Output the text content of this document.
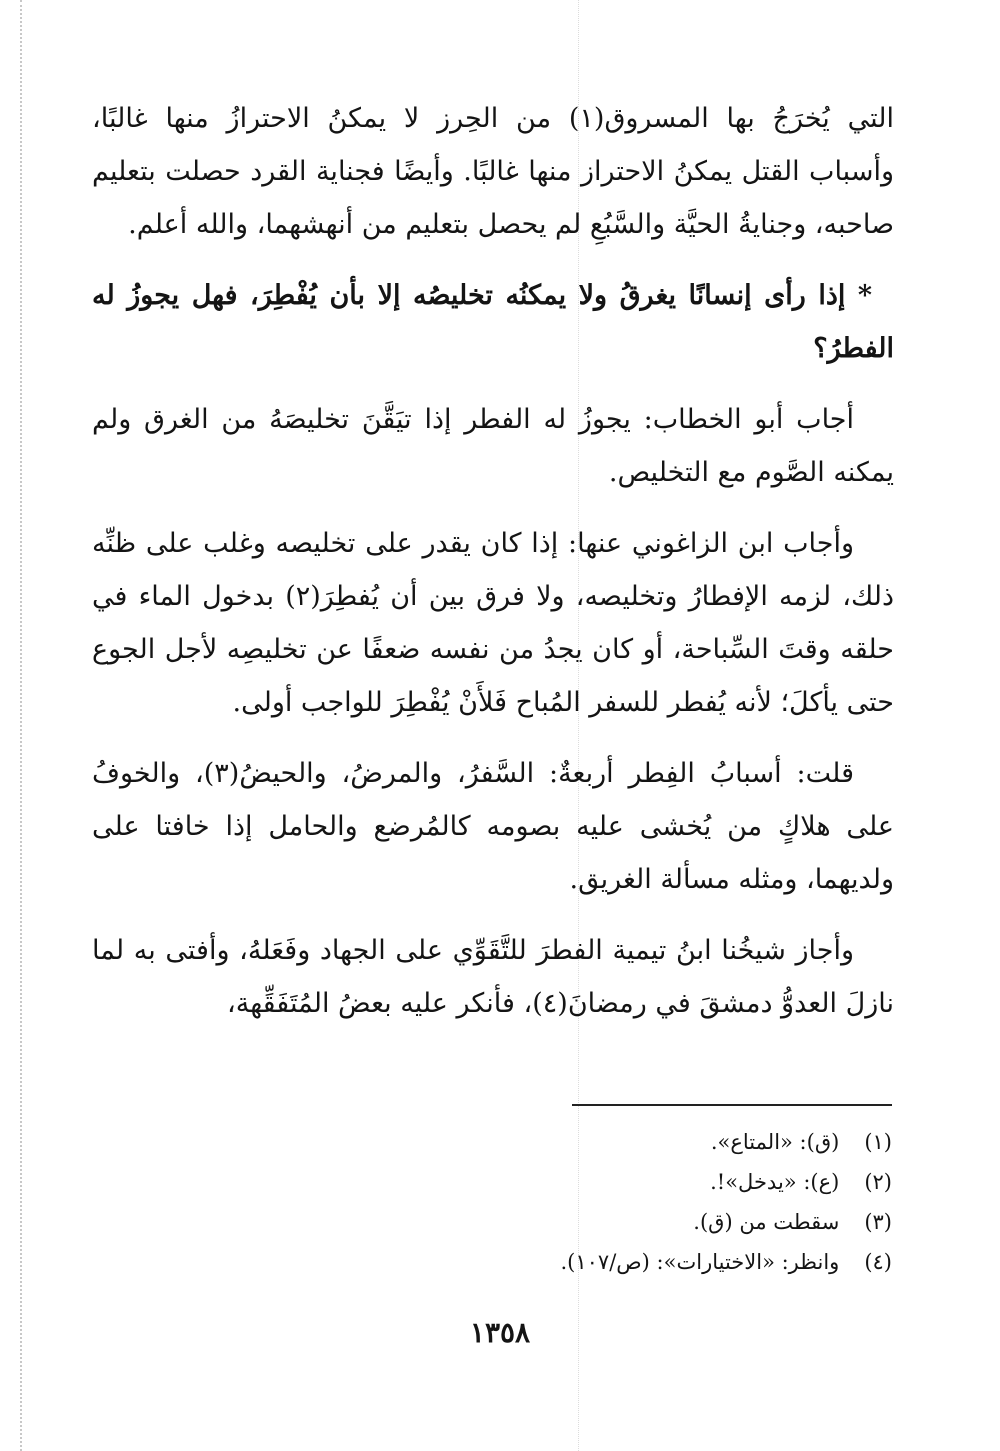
التي يُخرَجُ بها المسروق(١) من الحِرز لا يمكنُ الاحترازُ منها غالبًا، وأسباب القتل يمكنُ الاحتراز منها غالبًا. وأيضًا فجناية القرد حصلت بتعليم صاحبه، وجنايةُ الحيَّة والسَّبُعِ لم يحصل بتعليم من أنهشهما، والله أعلم.

* إذا رأى إنسانًا يغرقُ ولا يمكنُه تخليصُه إلا بأن يُفْطِرَ، فهل يجوزُ له الفطرُ؟

أجاب أبو الخطاب: يجوزُ له الفطر إذا تيَقَّنَ تخليصَهُ من الغرق ولم يمكنه الصَّوم مع التخليص.

وأجاب ابن الزاغوني عنها: إذا كان يقدر على تخليصه وغلب على ظنِّه ذلك، لزمه الإفطارُ وتخليصه، ولا فرق بين أن يُفطِرَ(٢) بدخول الماء في حلقه وقتَ السِّباحة، أو كان يجدُ من نفسه ضعفًا عن تخليصِه لأجل الجوع حتى يأكلَ؛ لأنه يُفطر للسفر المُباح فَلأَنْ يُفْطِرَ للواجب أولى.

قلت: أسبابُ الفِطر أربعةٌ: السَّفرُ، والمرضُ، والحيضُ(٣)، والخوفُ على هلاكٍ من يُخشى عليه بصومه كالمُرضع والحامل إذا خافتا على ولديهما، ومثله مسألة الغريق.

وأجاز شيخُنا ابنُ تيمية الفطرَ للتَّقَوِّي على الجهاد وفَعَلهُ، وأفتى به لما نازلَ العدوُّ دمشقَ في رمضانَ(٤)، فأنكر عليه بعضُ المُتَفَقِّهة،

(١) (ق): «المتاع».
(٢) (ع): «يدخل»!.
(٣) سقطت من (ق).
(٤) وانظر: «الاختيارات»: (ص/١٠٧).
١٣٥٨
